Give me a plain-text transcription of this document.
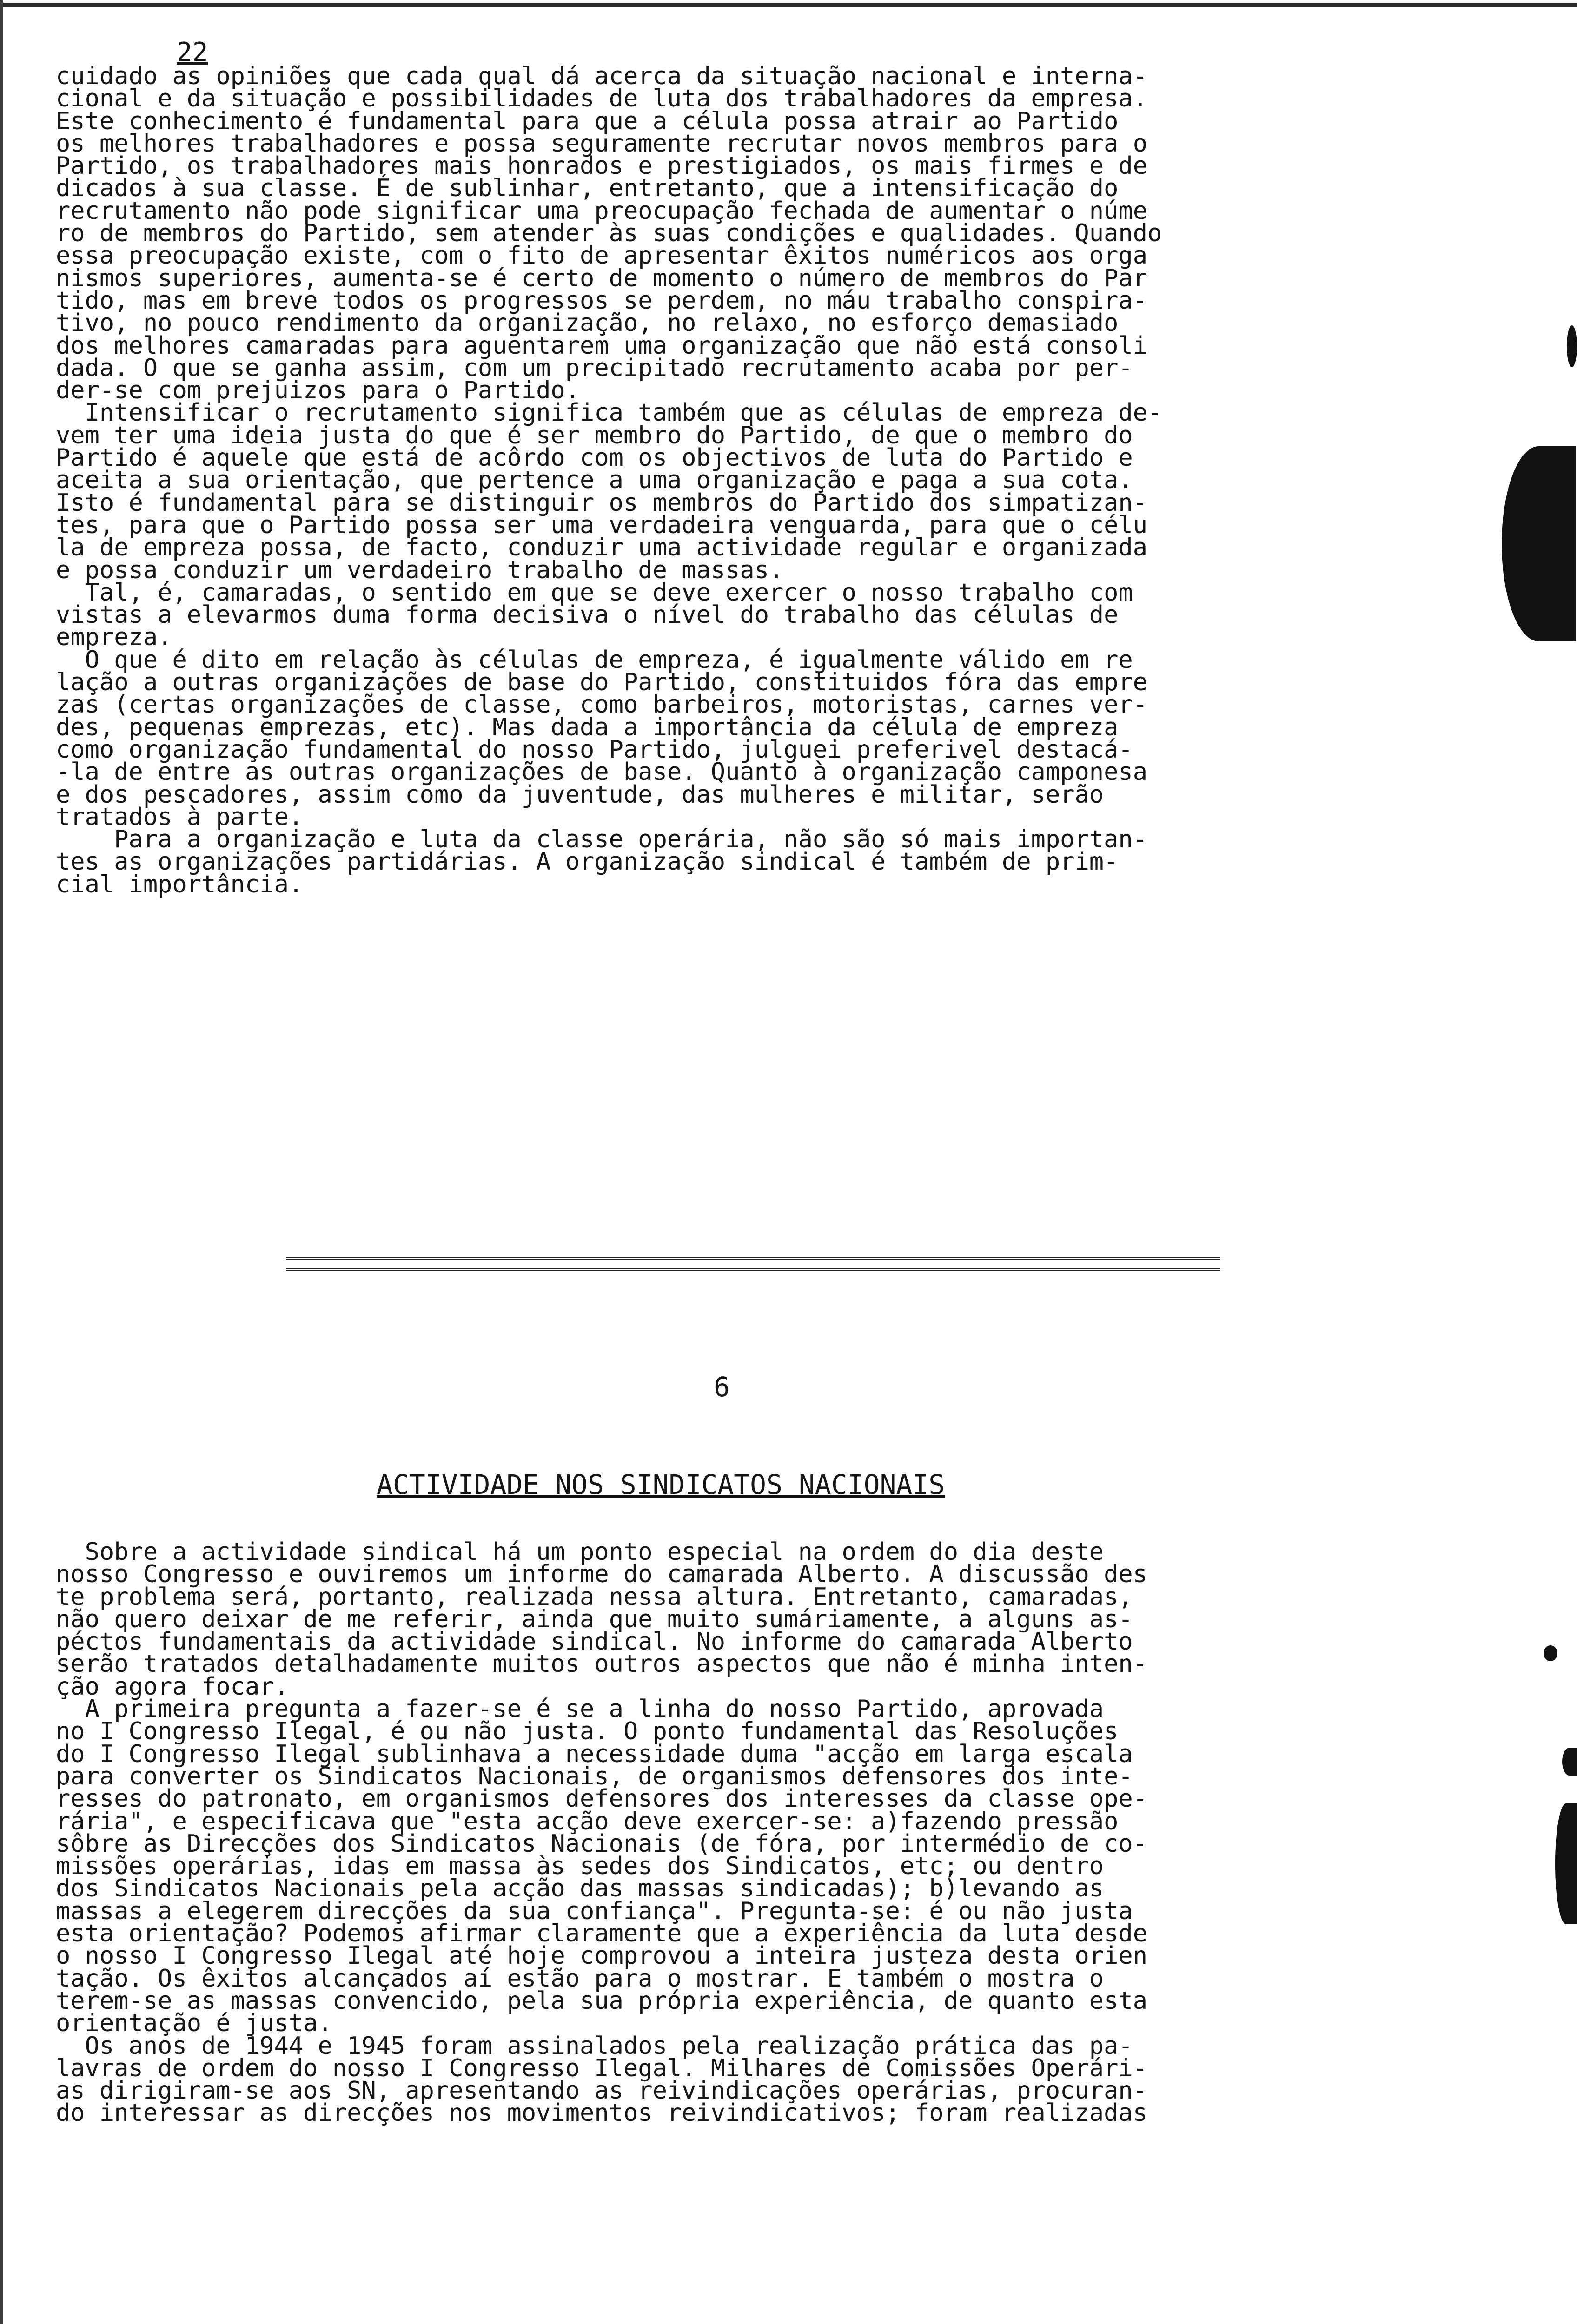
22
cuidado as opiniões que cada qual dá acerca da situação nacional e interna-
cional e da situação e possibilidades de luta dos trabalhadores da empresa.
Este conhecimento é fundamental para que a célula possa atrair ao Partido
os melhores trabalhadores e possa seguramente recrutar novos membros para o
Partido, os trabalhadores mais honrados e prestigiados, os mais firmes e de
dicados à sua classe. É de sublinhar, entretanto, que a intensificação do
recrutamento não pode significar uma preocupação fechada de aumentar o núme
ro de membros do Partido, sem atender às suas condições e qualidades. Quando
essa preocupação existe, com o fito de apresentar êxitos numéricos aos orga
nismos superiores, aumenta-se é certo de momento o número de membros do Par
tido, mas em breve todos os progressos se perdem, no máu trabalho conspira-
tivo, no pouco rendimento da organização, no relaxo, no esforço demasiado
dos melhores camaradas para aguentarem uma organização que não está consoli
dada. O que se ganha assim, com um precipitado recrutamento acaba por per-
der-se com prejuizos para o Partido.
Intensificar o recrutamento significa também que as células de empreza de-
vem ter uma ideia justa do que é ser membro do Partido, de que o membro do
Partido é aquele que está de acôrdo com os objectivos de luta do Partido e
aceita a sua orientação, que pertence a uma organização e paga a sua cota.
Isto é fundamental para se distinguir os membros do Partido dos simpatizan-
tes, para que o Partido possa ser uma verdadeira venguarda, para que o célu
la de empreza possa, de facto, conduzir uma actividade regular e organizada
e possa conduzir um verdadeiro trabalho de massas.
Tal, é, camaradas, o sentido em que se deve exercer o nosso trabalho com
vistas a elevarmos duma forma decisiva o nível do trabalho das células de
empreza.
O que é dito em relação às células de empreza, é igualmente válido em re
lação a outras organizações de base do Partido, constituidos fóra das empre
zas (certas organizações de classe, como barbeiros, motoristas, carnes ver-
des, pequenas emprezas, etc). Mas dada a importância da célula de empreza
como organização fundamental do nosso Partido, julguei preferivel destacá-
-la de entre as outras organizações de base. Quanto à organização camponesa
e dos pescadores, assim como da juventude, das mulheres e militar, serão
tratados à parte.
Para a organização e luta da classe operária, não são só mais importan-
tes as organizações partidárias. A organização sindical é também de prim-
cial importância.
6
ACTIVIDADE NOS SINDICATOS NACIONAIS
Sobre a actividade sindical há um ponto especial na ordem do dia deste
nosso Congresso e ouviremos um informe do camarada Alberto. A discussão des
te problema será, portanto, realizada nessa altura. Entretanto, camaradas,
não quero deixar de me referir, ainda que muito sumáriamente, a alguns as-
péctos fundamentais da actividade sindical. No informe do camarada Alberto
serão tratados detalhadamente muitos outros aspectos que não é minha inten-
ção agora focar.
A primeira pregunta a fazer-se é se a linha do nosso Partido, aprovada
no I Congresso Ilegal, é ou não justa. O ponto fundamental das Resoluções
do I Congresso Ilegal sublinhava a necessidade duma "acção em larga escala
para converter os Sindicatos Nacionais, de organismos defensores dos inte-
resses do patronato, em organismos defensores dos interesses da classe ope-
rária", e especificava que "esta acção deve exercer-se: a)fazendo pressão
sôbre as Direcções dos Sindicatos Nacionais (de fóra, por intermédio de co-
missões operárias, idas em massa às sedes dos Sindicatos, etc; ou dentro
dos Sindicatos Nacionais pela acção das massas sindicadas); b)levando as
massas a elegerem direcções da sua confiança". Pregunta-se: é ou não justa
esta orientação? Podemos afirmar claramente que a experiência da luta desde
o nosso I Congresso Ilegal até hoje comprovou a inteira justeza desta orien
tação. Os êxitos alcançados aí estão para o mostrar. E também o mostra o
terem-se as massas convencido, pela sua própria experiência, de quanto esta
orientação é justa.
Os anos de 1944 e 1945 foram assinalados pela realização prática das pa-
lavras de ordem do nosso I Congresso Ilegal. Milhares de Comissões Operári-
as dirigiram-se aos SN, apresentando as reivindicações operárias, procuran-
do interessar as direcções nos movimentos reivindicativos; foram realizadas
